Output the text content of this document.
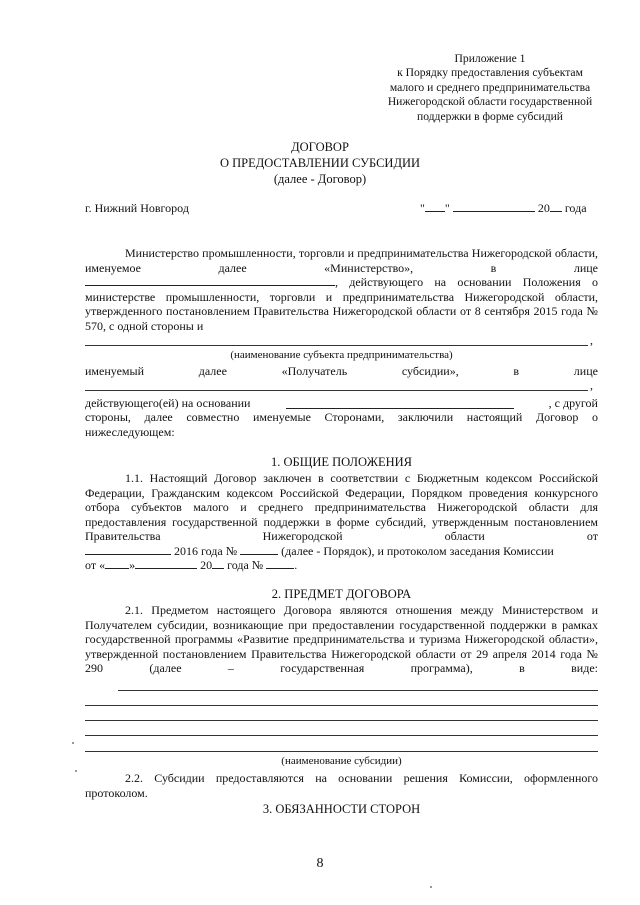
Приложение 1
к Порядку предоставления субъектам
малого и среднего предпринимательства
Нижегородской области государственной
поддержки в форме субсидий
ДОГОВОР
О ПРЕДОСТАВЛЕНИИ СУБСИДИИ
(далее - Договор)
г. Нижний Новгород	" "	20 года
Министерство промышленности, торговли и предпринимательства Нижегородской области, именуемое далее «Министерство», в лице
, действующего на основании Положения о министерстве промышленности, торговли и предпринимательства Нижегородской области, утвержденного постановлением Правительства Нижегородской области от 8 сентября 2015 года № 570, с одной стороны и
,
(наименование субъекта предпринимательства)
именуемый	далее	«Получатель	субсидии»,	в	лице
,
действующего(ей) на основании	, с другой
стороны, далее совместно именуемые Сторонами, заключили настоящий Договор о нижеследующем:
1. ОБЩИЕ ПОЛОЖЕНИЯ
1.1. Настоящий Договор заключен в соответствии с Бюджетным кодексом Российской Федерации, Гражданским кодексом Российской Федерации, Порядком проведения конкурсного отбора субъектов малого и среднего предпринимательства Нижегородской области для предоставления государственной поддержки в форме субсидий, утвержденным постановлением Правительства Нижегородской области от
2016 года №	(далее - Порядок), и протоколом заседания Комиссии
от « »	20 года №	.
2. ПРЕДМЕТ ДОГОВОРА
2.1. Предметом настоящего Договора являются отношения между Министерством и Получателем субсидии, возникающие при предоставлении государственной поддержки в рамках государственной программы «Развитие предпринимательства и туризма Нижегородской области», утвержденной постановлением Правительства Нижегородской области от 29 апреля 2014 года № 290 (далее – государственная программа), в виде:
(наименование субсидии)
2.2. Субсидии предоставляются на основании решения Комиссии, оформленного протоколом.
3. ОБЯЗАННОСТИ СТОРОН
8
